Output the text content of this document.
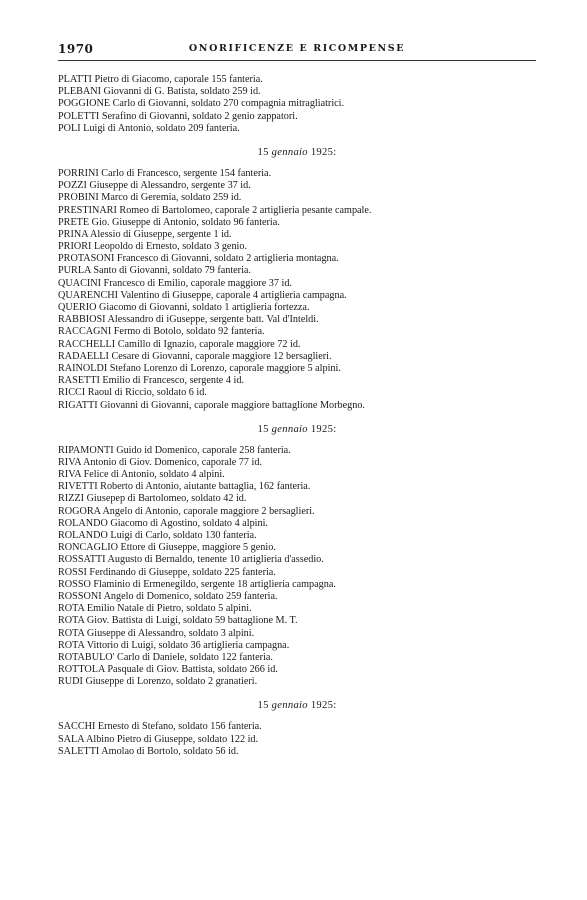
1970	ONORIFICENZE E RICOMPENSE
PLATTI Pietro di Giacomo, caporale 155 fanteria.
PLEBANI Giovanni di G. Batista, soldato 259 id.
POGGIONE Carlo di Giovanni, soldato 270 compagnia mitragliatrici.
POLETTI Serafino di Giovanni, soldato 2 genio zappatori.
POLI Luigi di Antonio, soldato 209 fanteria.
15 gennaio 1925:
PORRINI Carlo di Francesco, sergente 154 fanteria.
POZZI Giuseppe di Alessandro, sergente 37 id.
PROBINI Marco di Geremia, soldato 259 id.
PRESTINARI Romeo di Bartolomeo, caporale 2 artiglieria pesante campale.
PRETE Gio. Giuseppe di Antonio, soldato 96 fanteria.
PRINA Alessio di Giuseppe, sergente 1 id.
PRIORI Leopoldo di Ernesto, soldato 3 genio.
PROTASONI Francesco di Giovanni, soldato 2 artiglieria montagna.
PURLA Santo di Giovanni, soldato 79 fanteria.
QUACINI Francesco di Emilio, caporale maggiore 37 id.
QUARENCHI Valentino di Giuseppe, caporale 4 artiglieria campagna.
QUERIO Giacomo di Giovanni, soldato 1 artiglieria fortezza.
RABBIOSI Alessandro di iGuseppe, sergente batt. Val d'Inteldi.
RACCAGNI Fermo di Botolo, soldato 92 fanteria.
RACCHELLI Camillo di Ignazio, caporale maggiore 72 id.
RADAELLI Cesare di Giovanni, caporale maggiore 12 bersaglieri.
RAINOLDI Stefano Lorenzo di Lorenzo, caporale maggiore 5 alpini.
RASETTI Emilio di Francesco, sergente 4 id.
RICCI Raoul di Riccio, soldato 6 id.
RIGATTI Giovanni di Giovanni, caporale maggiore battaglione Morbegno.
15 gennaio 1925:
RIPAMONTI Guido id Domenico, caporale 258 fanteria.
RIVA Antonio di Giov. Domenico, caporale 77 id.
RIVA Felice di Antonio, soldato 4 alpini.
RIVETTI Roberto di Antonio, aiutante battaglia, 162 fanteria.
RIZZI Giusepep di Bartolomeo, soldato 42 id.
ROGORA Angelo di Antonio, caporale maggiore 2 bersaglieri.
ROLANDO Giacomo di Agostino, soldato 4 alpini.
ROLANDO Luigi di Carlo, soldato 130 fanteria.
RONCAGLIO Ettore di Giuseppe, maggiore 5 genio.
ROSSATTI Augusto di Bernaldo, tenente 10 artiglieria d'assedio.
ROSSI Ferdinando di Giuseppe, soldato 225 fanteria.
ROSSO Flaminio di Ermenegildo, sergente 18 artiglieria campagna.
ROSSONI Angelo di Domenico, soldato 259 fanteria.
ROTA Emilio Natale di Pietro, soldato 5 alpini.
ROTA Giov. Battista di Luigi, soldato 59 battaglione M. T.
ROTA Giuseppe di Alessandro, soldato 3 alpini.
ROTA Vittorio di Luigi, soldato 36 artiglieria campagna.
ROTABULO' Carlo di Daniele, soldato 122 fanteria.
ROTTOLA Pasquale di Giov. Battista, soldato 266 id.
RUDI Giuseppe di Lorenzo, soldato 2 granatieri.
15 gennaio 1925:
SACCHI Ernesto di Stefano, soldato 156 fanteria.
SALA Albino Pietro di Giuseppe, soldato 122 id.
SALETTI Amolao di Bortolo, soldato 56 id.
